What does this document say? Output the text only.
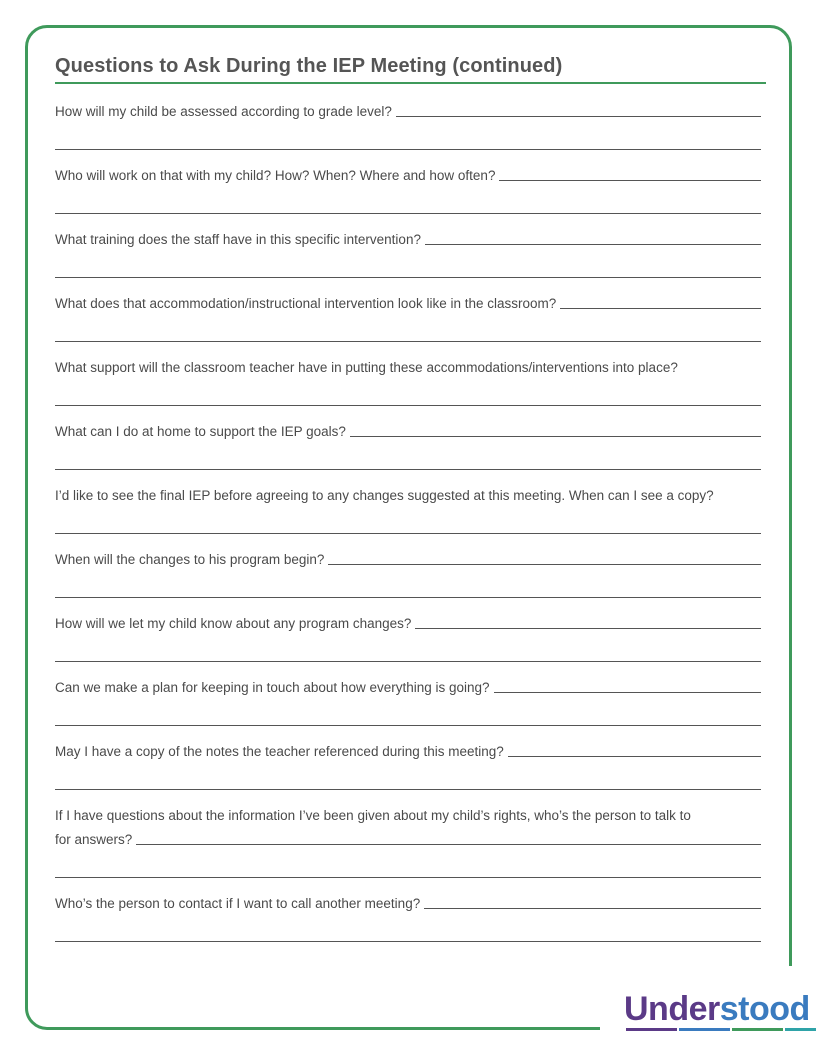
Questions to Ask During the IEP Meeting (continued)
How will my child be assessed according to grade level?
Who will work on that with my child? How? When? Where and how often?
What training does the staff have in this specific intervention?
What does that accommodation/instructional intervention look like in the classroom?
What support will the classroom teacher have in putting these accommodations/interventions into place?
What can I do at home to support the IEP goals?
I’d like to see the final IEP before agreeing to any changes suggested at this meeting. When can I see a copy?
When will the changes to his program begin?
How will we let my child know about any program changes?
Can we make a plan for keeping in touch about how everything is going?
May I have a copy of the notes the teacher referenced during this meeting?
If I have questions about the information I’ve been given about my child’s rights, who’s the person to talk to
for answers?
Who’s the person to contact if I want to call another meeting?
Understood
